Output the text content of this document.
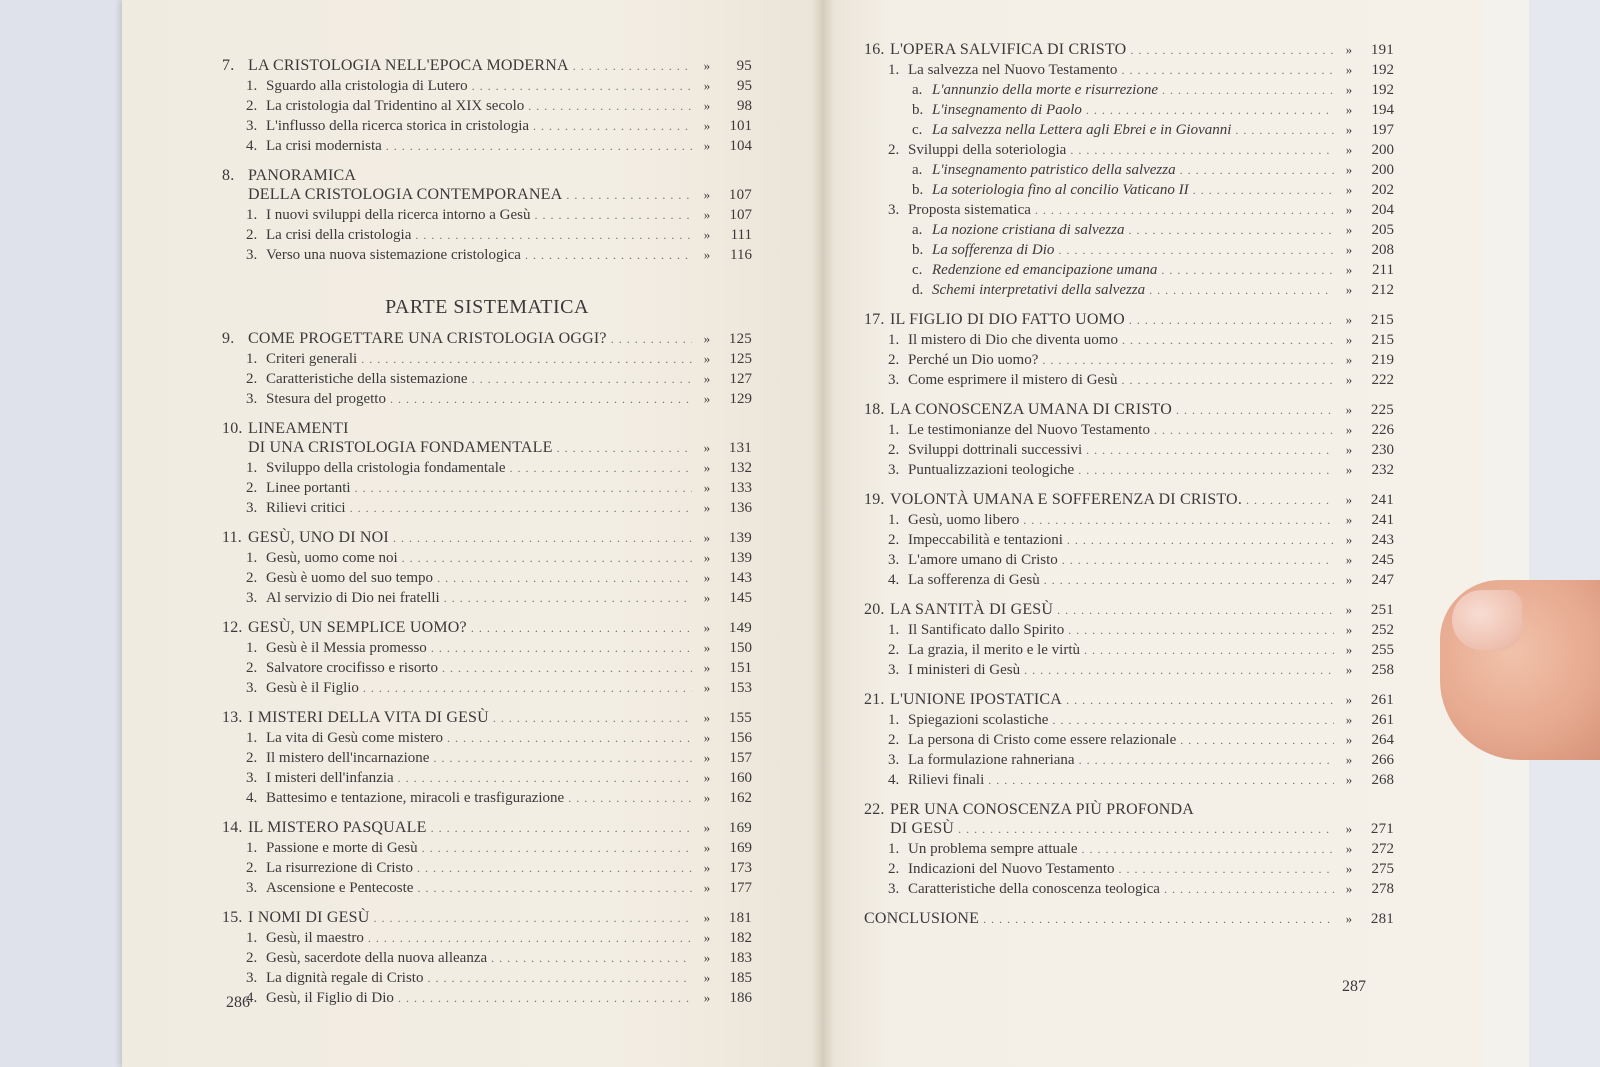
7. LA CRISTOLOGIA NELL'EPOCA MODERNA . . .	»	95
1. Sguardo alla cristologia di Lutero . . .	»	95
2. La cristologia dal Tridentino al XIX secolo . . .	»	98
3. L'influsso della ricerca storica in cristologia . . .	»	101
4. La crisi modernista . . .	»	104
8. PANORAMICA
DELLA CRISTOLOGIA CONTEMPORANEA . . .	»	107
1. I nuovi sviluppi della ricerca intorno a Gesù . . .	»	107
2. La crisi della cristologia . . .	»	111
3. Verso una nuova sistemazione cristologica . . .	»	116
PARTE SISTEMATICA
9. COME PROGETTARE UNA CRISTOLOGIA OGGI? . . .	»	125
1. Criteri generali . . .	»	125
2. Caratteristiche della sistemazione . . .	»	127
3. Stesura del progetto . . .	»	129
10. LINEAMENTI
DI UNA CRISTOLOGIA FONDAMENTALE . . .	»	131
1. Sviluppo della cristologia fondamentale . . .	»	132
2. Linee portanti . . .	»	133
3. Rilievi critici . . .	»	136
11. GESÙ, UNO DI NOI . . .	»	139
1. Gesù, uomo come noi . . .	»	139
2. Gesù è uomo del suo tempo . . .	»	143
3. Al servizio di Dio nei fratelli . . .	»	145
12. GESÙ, UN SEMPLICE UOMO? . . .	»	149
1. Gesù è il Messia promesso . . .	»	150
2. Salvatore crocifisso e risorto . . .	»	151
3. Gesù è il Figlio . . .	»	153
13. I MISTERI DELLA VITA DI GESÙ . . .	»	155
1. La vita di Gesù come mistero . . .	»	156
2. Il mistero dell'incarnazione . . .	»	157
3. I misteri dell'infanzia . . .	»	160
4. Battesimo e tentazione, miracoli e trasfigurazione . . .	»	162
14. IL MISTERO PASQUALE . . .	»	169
1. Passione e morte di Gesù . . .	»	169
2. La risurrezione di Cristo . . .	»	173
3. Ascensione e Pentecoste . . .	»	177
15. I NOMI DI GESÙ . . .	»	181
1. Gesù, il maestro . . .	»	182
2. Gesù, sacerdote della nuova alleanza . . .	»	183
3. La dignità regale di Cristo . . .	»	185
4. Gesù, il Figlio di Dio . . .	»	186
16. L'OPERA SALVIFICA DI CRISTO . . .	»	191
1. La salvezza nel Nuovo Testamento . . .	»	192
a. L'annunzio della morte e risurrezione . . .	»	192
b. L'insegnamento di Paolo . . .	»	194
c. La salvezza nella Lettera agli Ebrei e in Giovanni . . .	»	197
2. Sviluppi della soteriologia . . .	»	200
a. L'insegnamento patristico della salvezza . . .	»	200
b. La soteriologia fino al concilio Vaticano II . . .	»	202
3. Proposta sistematica . . .	»	204
a. La nozione cristiana di salvezza . . .	»	205
b. La sofferenza di Dio . . .	»	208
c. Redenzione ed emancipazione umana . . .	»	211
d. Schemi interpretativi della salvezza . . .	»	212
17. IL FIGLIO DI DIO FATTO UOMO . . .	»	215
1. Il mistero di Dio che diventa uomo . . .	»	215
2. Perché un Dio uomo? . . .	»	219
3. Come esprimere il mistero di Gesù . . .	»	222
18. LA CONOSCENZA UMANA DI CRISTO . . .	»	225
1. Le testimonianze del Nuovo Testamento . . .	»	226
2. Sviluppi dottrinali successivi . . .	»	230
3. Puntualizzazioni teologiche . . .	»	232
19. VOLONTÀ UMANA E SOFFERENZA DI CRISTO. . . .	»	241
1. Gesù, uomo libero . . .	»	241
2. Impeccabilità e tentazioni . . .	»	243
3. L'amore umano di Cristo . . .	»	245
4. La sofferenza di Gesù . . .	»	247
20. LA SANTITÀ DI GESÙ . . .	»	251
1. Il Santificato dallo Spirito . . .	»	252
2. La grazia, il merito e le virtù . . .	»	255
3. I ministeri di Gesù . . .	»	258
21. L'UNIONE IPOSTATICA . . .	»	261
1. Spiegazioni scolastiche . . .	»	261
2. La persona di Cristo come essere relazionale . . .	»	264
3. La formulazione rahneriana . . .	»	266
4. Rilievi finali . . .	»	268
22. PER UNA CONOSCENZA PIÙ PROFONDA
DI GESÙ . . .	»	271
1. Un problema sempre attuale . . .	»	272
2. Indicazioni del Nuovo Testamento . . .	»	275
3. Caratteristiche della conoscenza teologica . . .	»	278
CONCLUSIONE . . .	»	281
286
287
